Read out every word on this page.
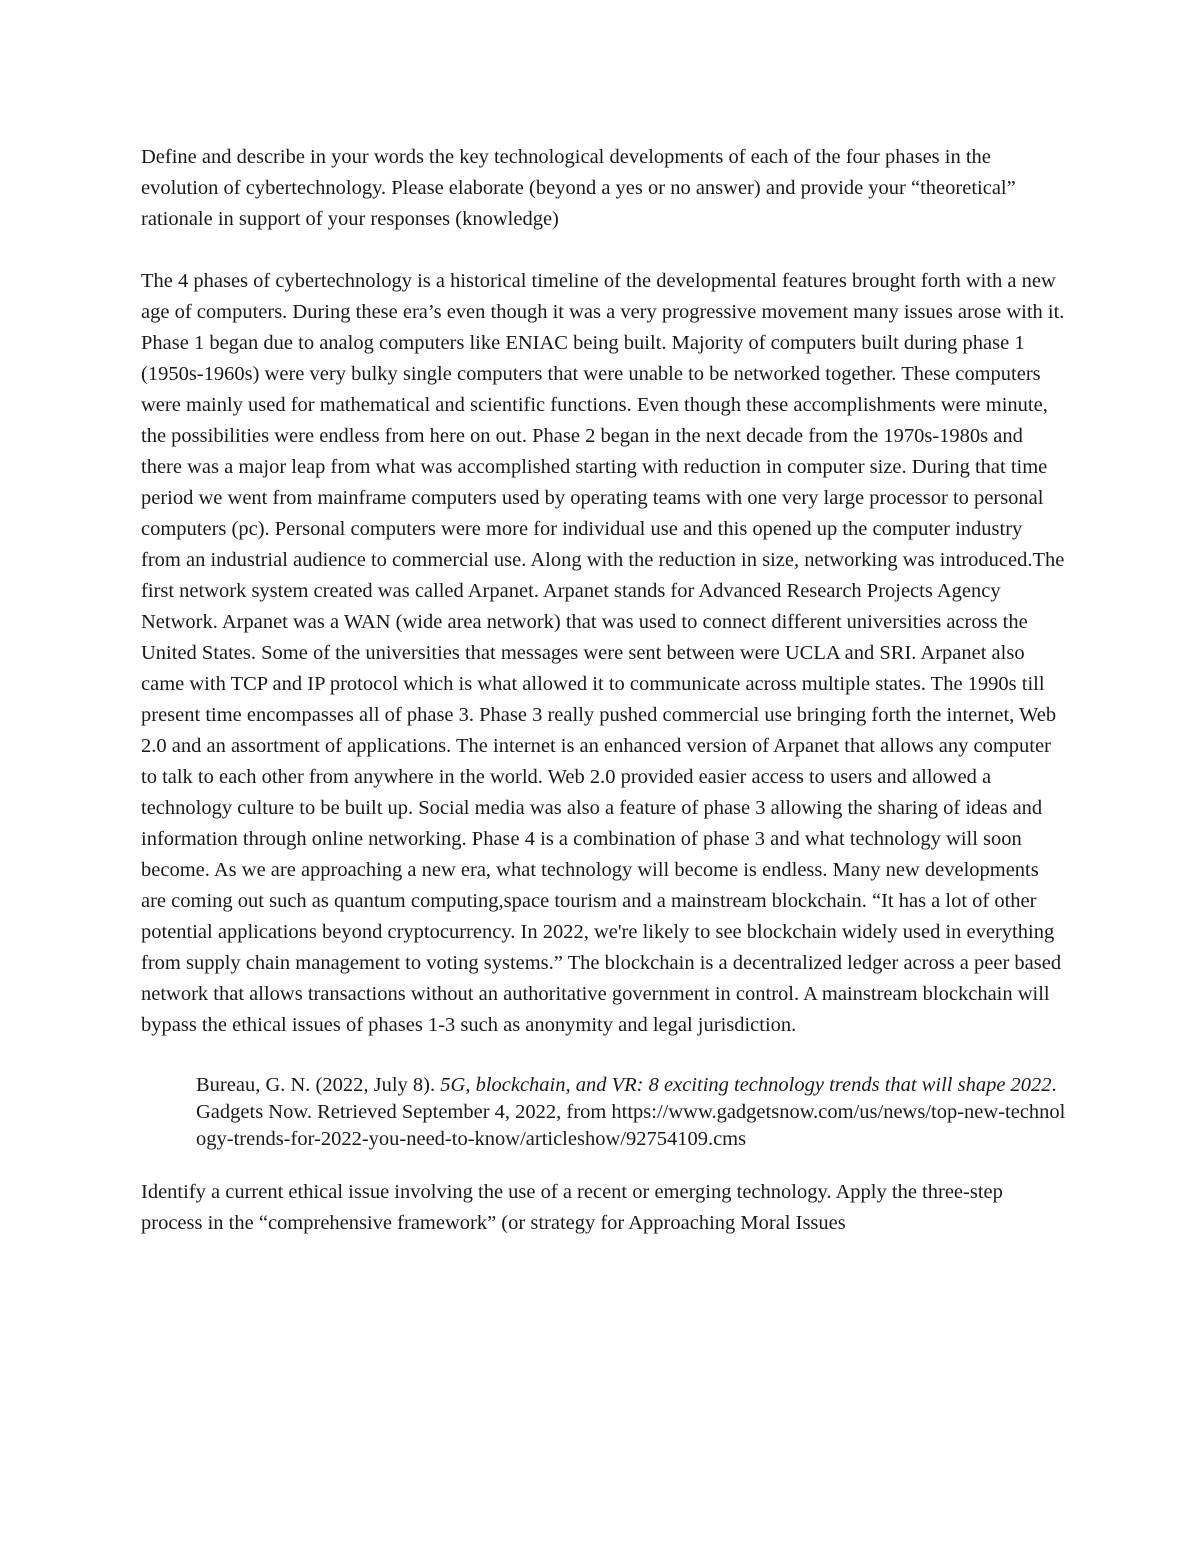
Define and describe in your words the key technological developments of each of the four phases in the evolution of cybertechnology. Please elaborate (beyond a yes or no answer) and provide your “theoretical” rationale in support of your responses (knowledge)

The 4 phases of cybertechnology is a historical timeline of the developmental features brought forth with a new age of computers. During these era’s even though it was a very progressive movement many issues arose with it. Phase 1 began due to analog computers like ENIAC being built. Majority of computers built during phase 1 (1950s-1960s) were very bulky single computers that were unable to be networked together. These computers were mainly used for mathematical and scientific functions. Even though these accomplishments were minute, the possibilities were endless from here on out. Phase 2 began in the next decade from the 1970s-1980s and there was a major leap from what was accomplished starting with reduction in computer size. During that time period we went from mainframe computers used by operating teams with one very large processor to personal computers (pc). Personal computers were more for individual use and this opened up the computer industry from an industrial audience to commercial use. Along with the reduction in size, networking was introduced.The first network system created was called Arpanet. Arpanet stands for Advanced Research Projects Agency Network. Arpanet was a WAN (wide area network) that was used to connect different universities across the United States. Some of the universities that messages were sent between were UCLA and SRI. Arpanet also came with TCP and IP protocol which is what allowed it to communicate across multiple states. The 1990s till present time encompasses all of phase 3. Phase 3 really pushed commercial use bringing forth the internet, Web 2.0 and an assortment of applications. The internet is an enhanced version of Arpanet that allows any computer to talk to each other from anywhere in the world. Web 2.0 provided easier access to users and allowed a technology culture to be built up. Social media was also a feature of phase 3 allowing the sharing of ideas and information through online networking. Phase 4 is a combination of phase 3 and what technology will soon become. As we are approaching a new era, what technology will become is endless. Many new developments are coming out such as quantum computing,space tourism and a mainstream blockchain. “It has a lot of other potential applications beyond cryptocurrency. In 2022, we're likely to see blockchain widely used in everything from supply chain management to voting systems.” The blockchain is a decentralized ledger across a peer based network that allows transactions without an authoritative government in control. A mainstream blockchain will bypass the ethical issues of phases 1-3 such as anonymity and legal jurisdiction.

Bureau, G. N. (2022, July 8). 5G, blockchain, and VR: 8 exciting technology trends that will shape 2022. Gadgets Now. Retrieved September 4, 2022, from https://www.gadgetsnow.com/us/news/top-new-technology-trends-for-2022-you-need-to-know/articleshow/92754109.cms

Identify a current ethical issue involving the use of a recent or emerging technology. Apply the three-step process in the “comprehensive framework” (or strategy for Approaching Moral Issues
